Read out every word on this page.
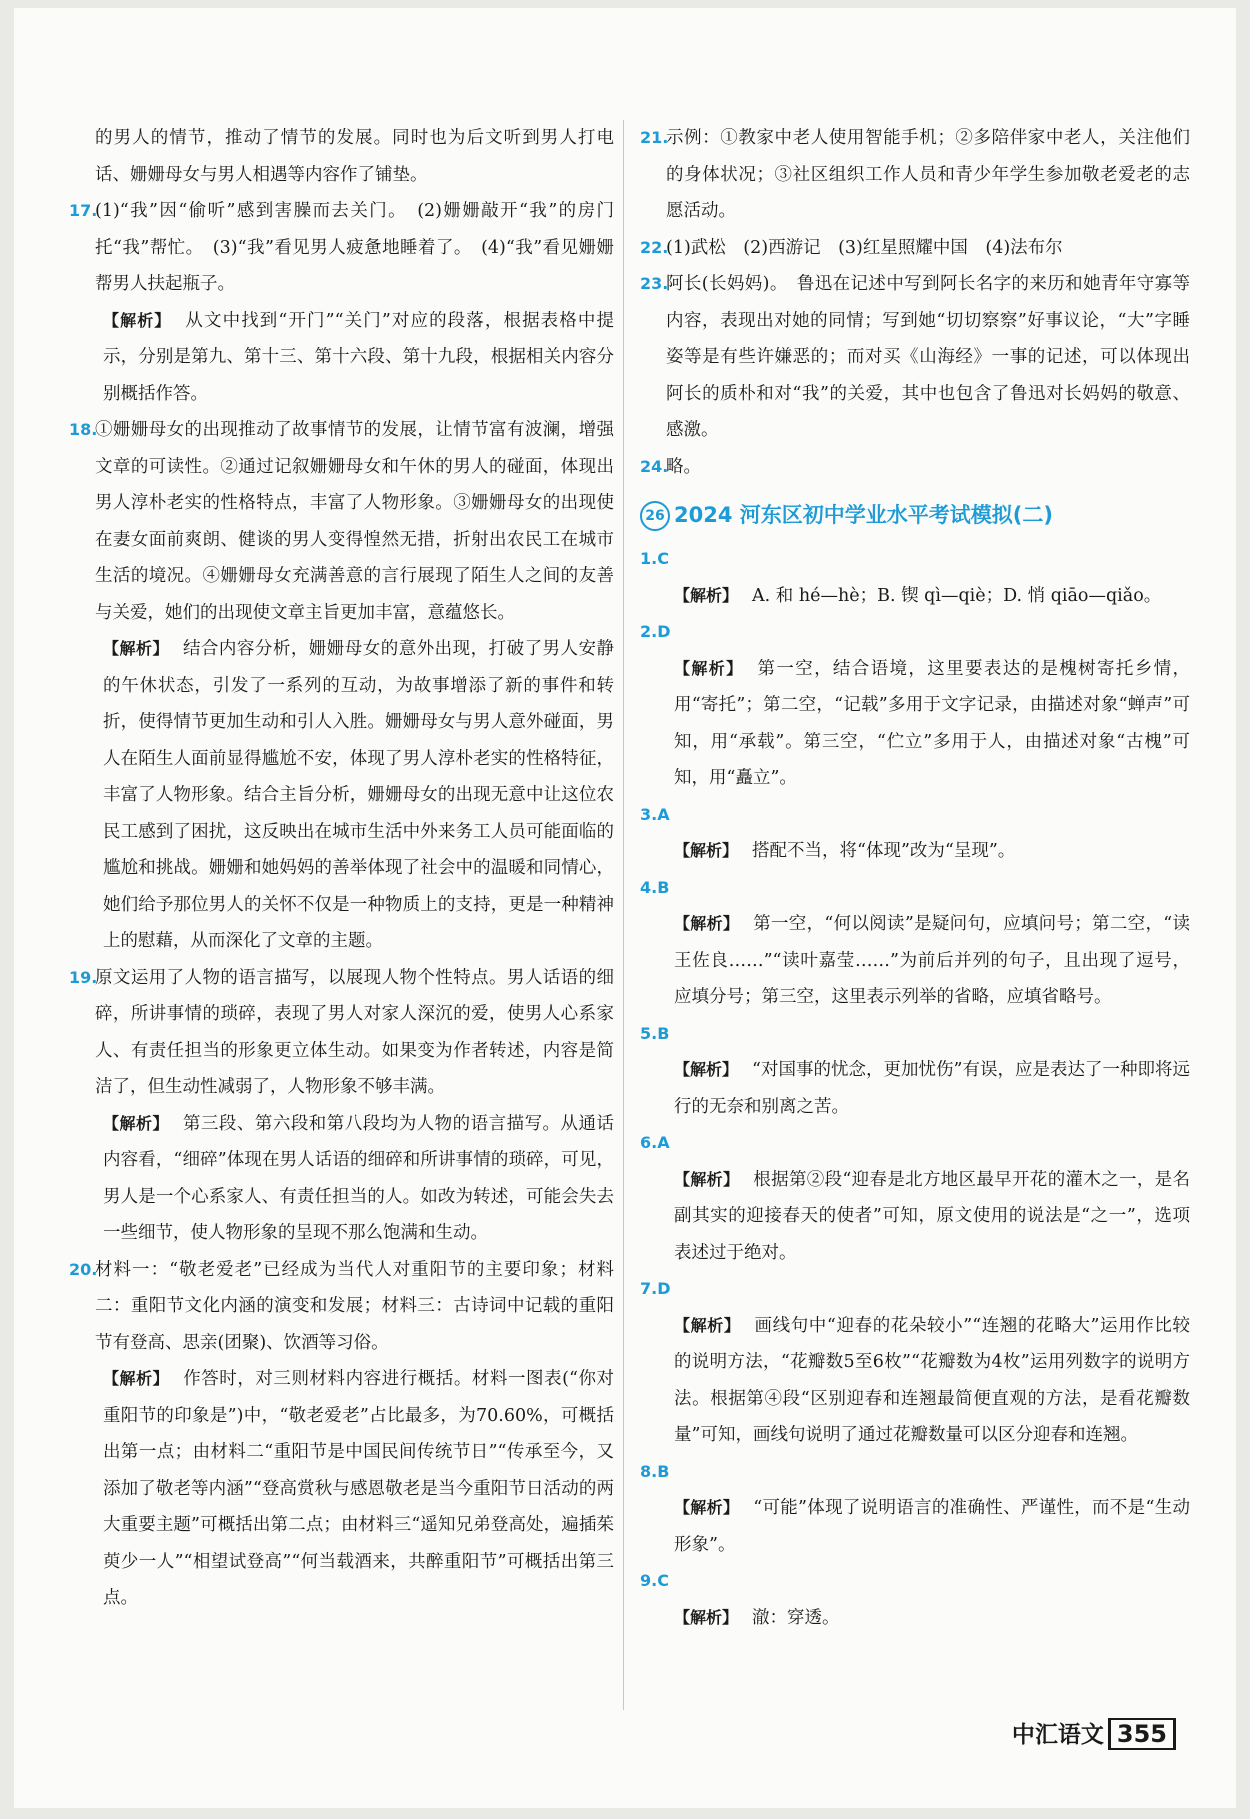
的男人的情节，推动了情节的发展。同时也为后文听到男人打电话、姗姗母女与男人相遇等内容作了铺垫。
17.
(1)“我”因“偷听”感到害臊而去关门。　(2)姗姗敲开“我”的房门托“我”帮忙。　(3)“我”看见男人疲惫地睡着了。　(4)“我”看见姗姗帮男人扶起瓶子。
【解析】 从文中找到“开门”“关门”对应的段落，根据表格中提示，分别是第九、第十三、第十六段、第十九段，根据相关内容分别概括作答。
18.
①姗姗母女的出现推动了故事情节的发展，让情节富有波澜，增强文章的可读性。②通过记叙姗姗母女和午休的男人的碰面，体现出男人淳朴老实的性格特点，丰富了人物形象。③姗姗母女的出现使在妻女面前爽朗、健谈的男人变得惶然无措，折射出农民工在城市生活的境况。④姗姗母女充满善意的言行展现了陌生人之间的友善与关爱，她们的出现使文章主旨更加丰富，意蕴悠长。
【解析】 结合内容分析，姗姗母女的意外出现，打破了男人安静的午休状态，引发了一系列的互动，为故事增添了新的事件和转折，使得情节更加生动和引人入胜。姗姗母女与男人意外碰面，男人在陌生人面前显得尴尬不安，体现了男人淳朴老实的性格特征，丰富了人物形象。结合主旨分析，姗姗母女的出现无意中让这位农民工感到了困扰，这反映出在城市生活中外来务工人员可能面临的尴尬和挑战。姗姗和她妈妈的善举体现了社会中的温暖和同情心，她们给予那位男人的关怀不仅是一种物质上的支持，更是一种精神上的慰藉，从而深化了文章的主题。
19.
原文运用了人物的语言描写，以展现人物个性特点。男人话语的细碎，所讲事情的琐碎，表现了男人对家人深沉的爱，使男人心系家人、有责任担当的形象更立体生动。如果变为作者转述，内容是简洁了，但生动性减弱了，人物形象不够丰满。
【解析】 第三段、第六段和第八段均为人物的语言描写。从通话内容看，“细碎”体现在男人话语的细碎和所讲事情的琐碎，可见，男人是一个心系家人、有责任担当的人。如改为转述，可能会失去一些细节，使人物形象的呈现不那么饱满和生动。
20.
材料一：“敬老爱老”已经成为当代人对重阳节的主要印象；材料二：重阳节文化内涵的演变和发展；材料三：古诗词中记载的重阳节有登高、思亲(团聚)、饮酒等习俗。
【解析】 作答时，对三则材料内容进行概括。材料一图表(“你对重阳节的印象是”)中，“敬老爱老”占比最多，为70.60%，可概括出第一点；由材料二“重阳节是中国民间传统节日”“传承至今，又添加了敬老等内涵”“登高赏秋与感恩敬老是当今重阳节日活动的两大重要主题”可概括出第二点；由材料三“遥知兄弟登高处，遍插茱萸少一人”“相望试登高”“何当载酒来，共醉重阳节”可概括出第三点。
21.
示例：①教家中老人使用智能手机；②多陪伴家中老人，关注他们的身体状况；③社区组织工作人员和青少年学生参加敬老爱老的志愿活动。
22.
(1)武松　(2)西游记　(3)红星照耀中国　(4)法布尔
23.
阿长(长妈妈)。　鲁迅在记述中写到阿长名字的来历和她青年守寡等内容，表现出对她的同情；写到她“切切察察”好事议论，“大”字睡姿等是有些许嫌恶的；而对买《山海经》一事的记述，可以体现出阿长的质朴和对“我”的关爱，其中也包含了鲁迅对长妈妈的敬意、感激。
24.
略。
26 2024 河东区初中学业水平考试模拟(二)
1.C
【解析】 A. 和 hé—hè；B. 锲 qì—qiè；D. 悄 qiāo—qiǎo。
2.D
【解析】 第一空，结合语境，这里要表达的是槐树寄托乡情，用“寄托”；第二空，“记载”多用于文字记录，由描述对象“蝉声”可知，用“承载”。第三空，“伫立”多用于人，由描述对象“古槐”可知，用“矗立”。
3.A
【解析】 搭配不当，将“体现”改为“呈现”。
4.B
【解析】 第一空，“何以阅读”是疑问句，应填问号；第二空，“读王佐良……”“读叶嘉莹……”为前后并列的句子，且出现了逗号，应填分号；第三空，这里表示列举的省略，应填省略号。
5.B
【解析】 “对国事的忧念，更加忧伤”有误，应是表达了一种即将远行的无奈和别离之苦。
6.A
【解析】 根据第②段“迎春是北方地区最早开花的灌木之一，是名副其实的迎接春天的使者”可知，原文使用的说法是“之一”，选项表述过于绝对。
7.D
【解析】 画线句中“迎春的花朵较小”“连翘的花略大”运用作比较的说明方法，“花瓣数5至6枚”“花瓣数为4枚”运用列数字的说明方法。根据第④段“区别迎春和连翘最简便直观的方法，是看花瓣数量”可知，画线句说明了通过花瓣数量可以区分迎春和连翘。
8.B
【解析】 “可能”体现了说明语言的准确性、严谨性，而不是“生动形象”。
9.C
【解析】 澈：穿透。
中汇语文 355
